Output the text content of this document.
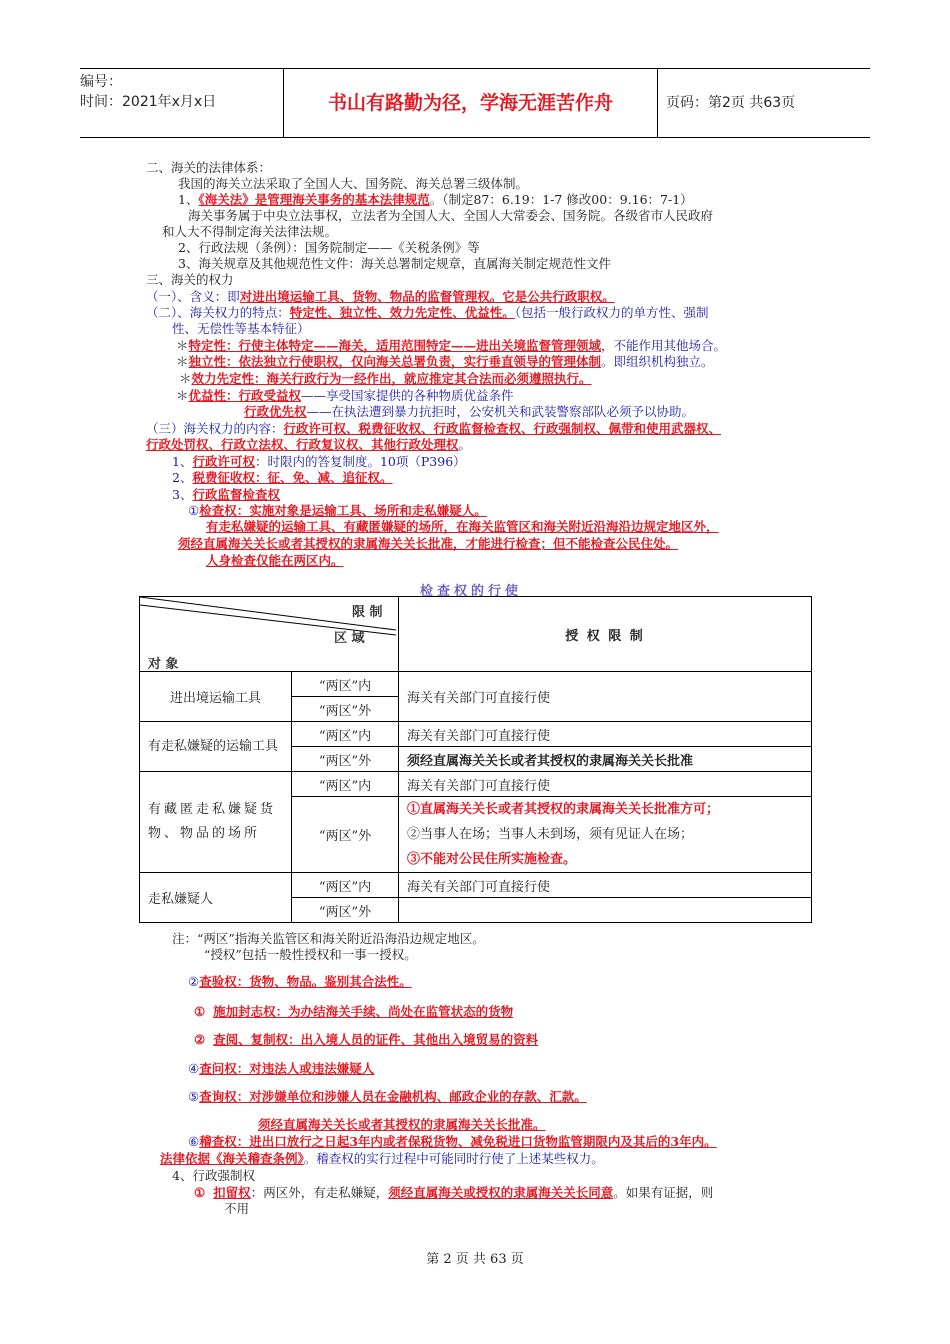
编号：
时间：2021年x月x日	书山有路勤为径，学海无涯苦作舟	页码：第2页 共63页
二、海关的法律体系：
我国的海关立法采取了全国人大、国务院、海关总署三级体制。
1、《海关法》是管理海关事务的基本法律规范。（制定87：6.19：1-7 修改00：9.16：7-1）
海关事务属于中央立法事权，立法者为全国人大、全国人大常委会、国务院。各级省市人民政府
和人大不得制定海关法律法规。
2、行政法规（条例）：国务院制定——《关税条例》等
3、海关规章及其他规范性文件：海关总署制定规章，直属海关制定规范性文件
三、海关的权力
（一）、含义：即对进出境运输工具、货物、物品的监督管理权。它是公共行政职权。
（二）、海关权力的特点：特定性、独立性、效力先定性、优益性。（包括一般行政权力的单方性、强制
性、无偿性等基本特征）
＊特定性：行使主体特定——海关，适用范围特定——进出关境监督管理领域，不能作用其他场合。
＊独立性：依法独立行使职权，仅向海关总署负责，实行垂直领导的管理体制。即组织机构独立。
＊效力先定性：海关行政行为一经作出，就应推定其合法而必须遵照执行。
＊优益性：行政受益权——享受国家提供的各种物质优益条件
行政优先权——在执法遭到暴力抗拒时，公安机关和武装警察部队必须予以协助。
（三）海关权力的内容：行政许可权、税费征收权、行政监督检查权、行政强制权、佩带和使用武器权、
行政处罚权、行政立法权、行政复议权、其他行政处理权。
1、行政许可权：时限内的答复制度。10项（P396）
2、税费征收权：征、免、减、追征权。
3、行政监督检查权
①检查权：实施对象是运输工具、场所和走私嫌疑人。
有走私嫌疑的运输工具、有藏匿嫌疑的场所，在海关监管区和海关附近沿海沿边规定地区外，
须经直属海关关长或者其授权的隶属海关关长批准，才能进行检查；但不能检查公民住处。
人身检查仅能在两区内。
检查权的行使
限 制
区 域
对 象		授 权 限 制
进出境运输工具	“两区”内	海关有关部门可直接行使
	“两区”外	
有走私嫌疑的运输工具	“两区”内	海关有关部门可直接行使
	“两区”外	须经直属海关关长或者其授权的隶属海关关长批准
有藏匿走私嫌疑货物、物品的场所	“两区”内	海关有关部门可直接行使
	“两区”外	①直属海关关长或者其授权的隶属海关关长批准方可；
②当事人在场；当事人未到场，须有见证人在场；
③不能对公民住所实施检查。

走私嫌疑人	“两区”内	海关有关部门可直接行使
	“两区”外	
注：“两区”指海关监管区和海关附近沿海沿边规定地区。
“授权”包括一般性授权和一事一授权。
②查验权：货物、物品。鉴别其合法性。
① 施加封志权：为办结海关手续、尚处在监管状态的货物
② 查阅、复制权：出入境人员的证件、其他出入境贸易的资料
④查问权：对违法人或违法嫌疑人
⑤查询权：对涉嫌单位和涉嫌人员在金融机构、邮政企业的存款、汇款。
须经直属海关关长或者其授权的隶属海关关长批准。
⑥稽查权：进出口放行之日起3年内或者保税货物、减免税进口货物监管期限内及其后的3年内。
法律依据《海关稽查条例》。稽查权的实行过程中可能同时行使了上述某些权力。
4、行政强制权
① 扣留权：两区外，有走私嫌疑，须经直属海关或授权的隶属海关关长同意。如果有证据，则
不用
第 2 页 共 63 页
